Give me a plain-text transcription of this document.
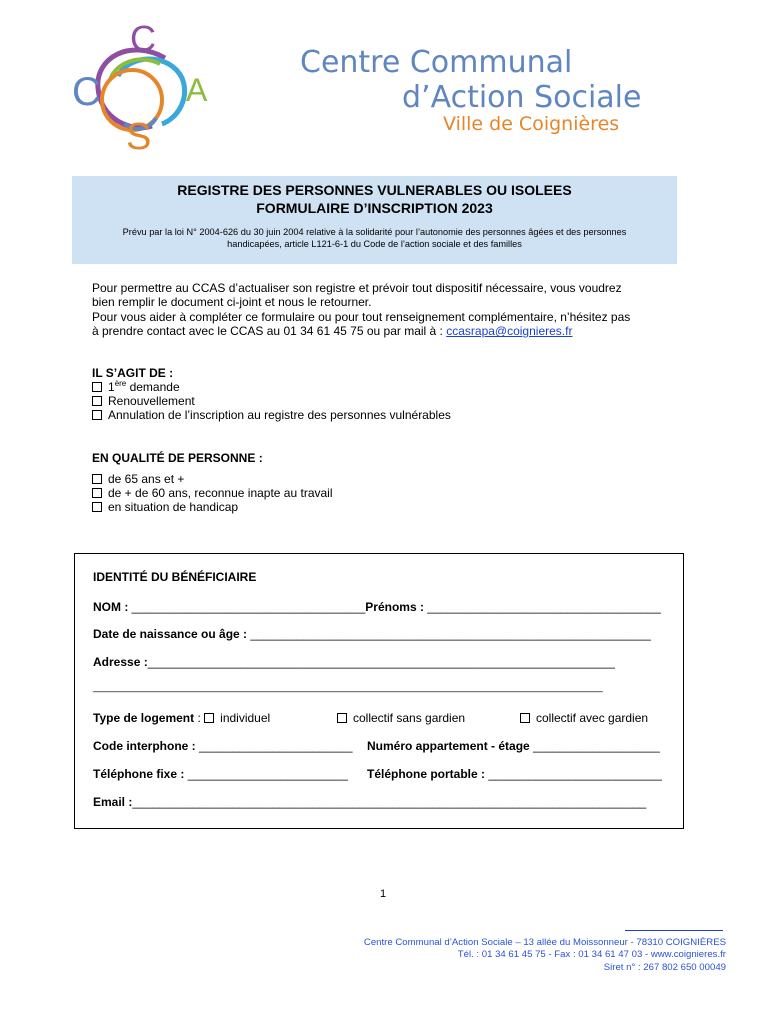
C
C	A
S
Centre Communal
d’Action Sociale
Ville de Coignières
REGISTRE DES PERSONNES VULNERABLES OU ISOLEES
FORMULAIRE D’INSCRIPTION 2023
Prévu par la loi N° 2004-626 du 30 juin 2004 relative à la solidarité pour l’autonomie des personnes âgées et des personnes
handicapées, article L121-6-1 du Code de l’action sociale et des familles
Pour permettre au CCAS d’actualiser son registre et prévoir tout dispositif nécessaire, vous voudrez
bien remplir le document ci-joint et nous le retourner.
Pour vous aider à compléter ce formulaire ou pour tout renseignement complémentaire, n’hésitez pas
à prendre contact avec le CCAS au 01 34 61 45 75 ou par mail à : ccasrapa@coignieres.fr
IL S’AGIT DE :
1ère demande
Renouvellement
Annulation de l’inscription au registre des personnes vulnérables
EN QUALITÉ DE PERSONNE :
de 65 ans et +
de + de 60 ans, reconnue inapte au travail
en situation de handicap
IDENTITÉ DU BÉNÉFICIAIRE
NOM : ___________________________________Prénoms : ___________________________________
Date de naissance ou âge : ____________________________________________________________
Adresse :______________________________________________________________________
_________________________________________________________________________________________
Type de logement : individuel	collectif sans gardien	collectif avec gardien
Code interphone : _______________________ Numéro appartement - étage ___________________
Téléphone fixe : ________________________ Téléphone portable : __________________________
Email :_____________________________________________________________________________
1
Centre Communal d’Action Sociale – 13 allée du Moissonneur - 78310 COIGNIÈRES
Tél. : 01 34 61 45 75 - Fax : 01 34 61 47 03 - www.coignieres.fr
Siret n° : 267 802 650 00049
